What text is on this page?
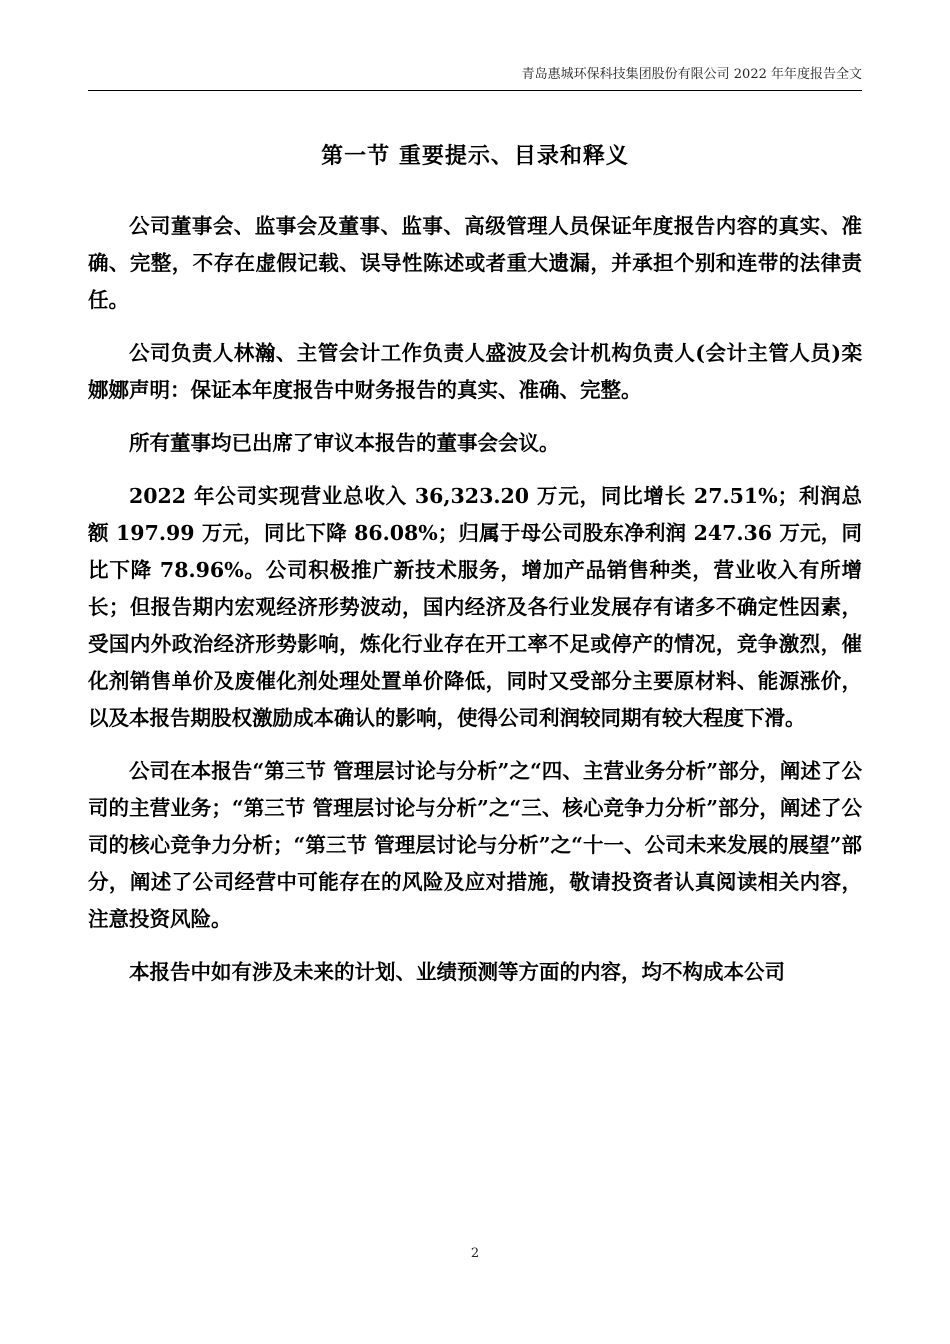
青岛惠城环保科技集团股份有限公司 2022 年年度报告全文
第一节 重要提示、目录和释义

公司董事会、监事会及董事、监事、高级管理人员保证年度报告内容的真实、准确、完整，不存在虚假记载、误导性陈述或者重大遗漏，并承担个别和连带的法律责任。

公司负责人林瀚、主管会计工作负责人盛波及会计机构负责人(会计主管人员)栾娜娜声明：保证本年度报告中财务报告的真实、准确、完整。

所有董事均已出席了审议本报告的董事会会议。

2022 年公司实现营业总收入 36,323.20 万元，同比增长 27.51%；利润总额 197.99 万元，同比下降 86.08%；归属于母公司股东净利润 247.36 万元，同比下降 78.96%。公司积极推广新技术服务，增加产品销售种类，营业收入有所增长；但报告期内宏观经济形势波动，国内经济及各行业发展存有诸多不确定性因素，受国内外政治经济形势影响，炼化行业存在开工率不足或停产的情况，竞争激烈，催化剂销售单价及废催化剂处理处置单价降低，同时又受部分主要原材料、能源涨价，以及本报告期股权激励成本确认的影响，使得公司利润较同期有较大程度下滑。

公司在本报告“第三节 管理层讨论与分析”之“四、主营业务分析”部分，阐述了公司的主营业务；“第三节 管理层讨论与分析”之“三、核心竞争力分析”部分，阐述了公司的核心竞争力分析；“第三节 管理层讨论与分析”之“十一、公司未来发展的展望”部分，阐述了公司经营中可能存在的风险及应对措施，敬请投资者认真阅读相关内容，注意投资风险。

本报告中如有涉及未来的计划、业绩预测等方面的内容，均不构成本公司

2
